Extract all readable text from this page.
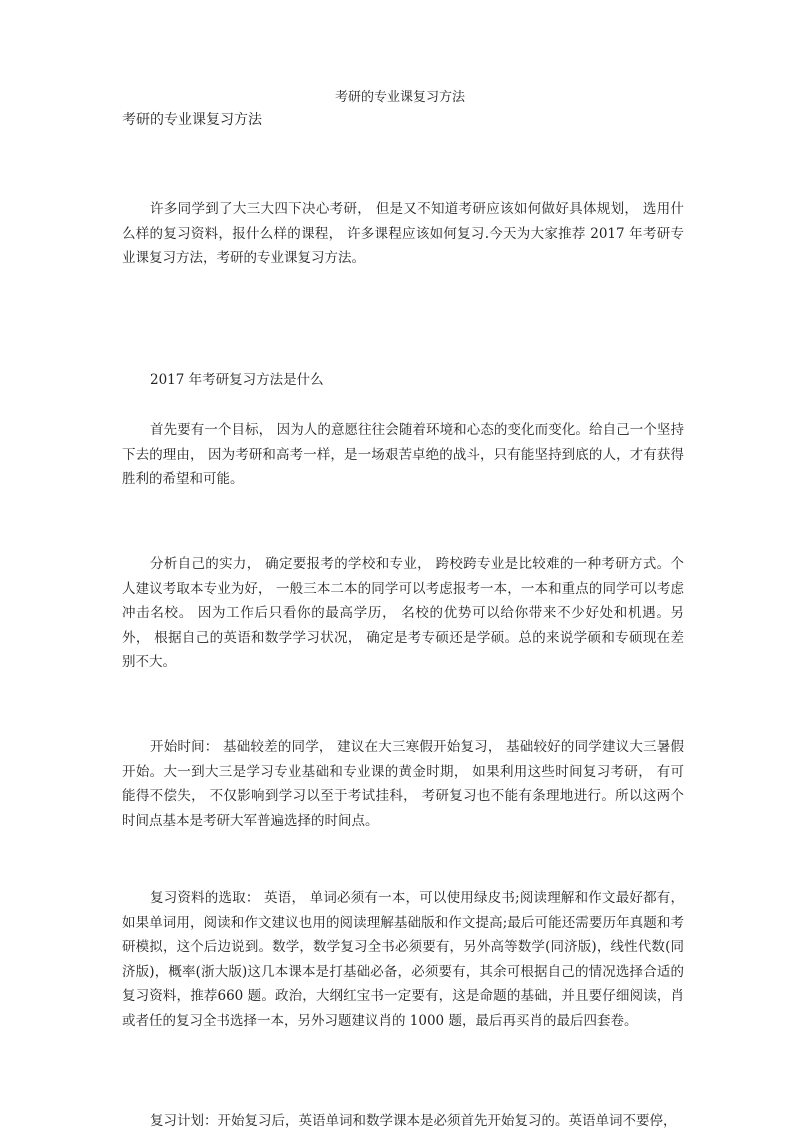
考研的专业课复习方法
考研的专业课复习方法

许多同学到了大三大四下决心考研， 但是又不知道考研应该如何做好具体规划， 选用什么样的复习资料，报什么样的课程， 许多课程应该如何复习.今天为大家推荐 2017 年考研专业课复习方法，考研的专业课复习方法。

2017 年考研复习方法是什么

首先要有一个目标， 因为人的意愿往往会随着环境和心态的变化而变化。给自己一个坚持下去的理由， 因为考研和高考一样，是一场艰苦卓绝的战斗，只有能坚持到底的人，才有获得胜利的希望和可能。

分析自己的实力， 确定要报考的学校和专业， 跨校跨专业是比较难的一种考研方式。个人建议考取本专业为好， 一般三本二本的同学可以考虑报考一本，一本和重点的同学可以考虑冲击名校。 因为工作后只看你的最高学历， 名校的优势可以给你带来不少好处和机遇。另外， 根据自己的英语和数学学习状况， 确定是考专硕还是学硕。总的来说学硕和专硕现在差别不大。

开始时间： 基础较差的同学， 建议在大三寒假开始复习， 基础较好的同学建议大三暑假开始。大一到大三是学习专业基础和专业课的黄金时期， 如果利用这些时间复习考研， 有可能得不偿失， 不仅影响到学习以至于考试挂科， 考研复习也不能有条理地进行。所以这两个时间点基本是考研大军普遍选择的时间点。

复习资料的选取： 英语， 单词必须有一本，可以使用绿皮书;阅读理解和作文最好都有，如果单词用，阅读和作文建议也用的阅读理解基础版和作文提高;最后可能还需要历年真题和考研模拟，这个后边说到。数学，数学复习全书必须要有，另外高等数学(同济版)，线性代数(同济版)，概率(浙大版)这几本课本是打基础必备，必须要有，其余可根据自己的情况选择合适的复习资料，推荐660 题。政治，大纲红宝书一定要有，这是命题的基础，并且要仔细阅读，肖或者任的复习全书选择一本，另外习题建议肖的 1000 题，最后再买肖的最后四套卷。

复习计划：开始复习后，英语单词和数学课本是必须首先开始复习的。英语单词不要停，
